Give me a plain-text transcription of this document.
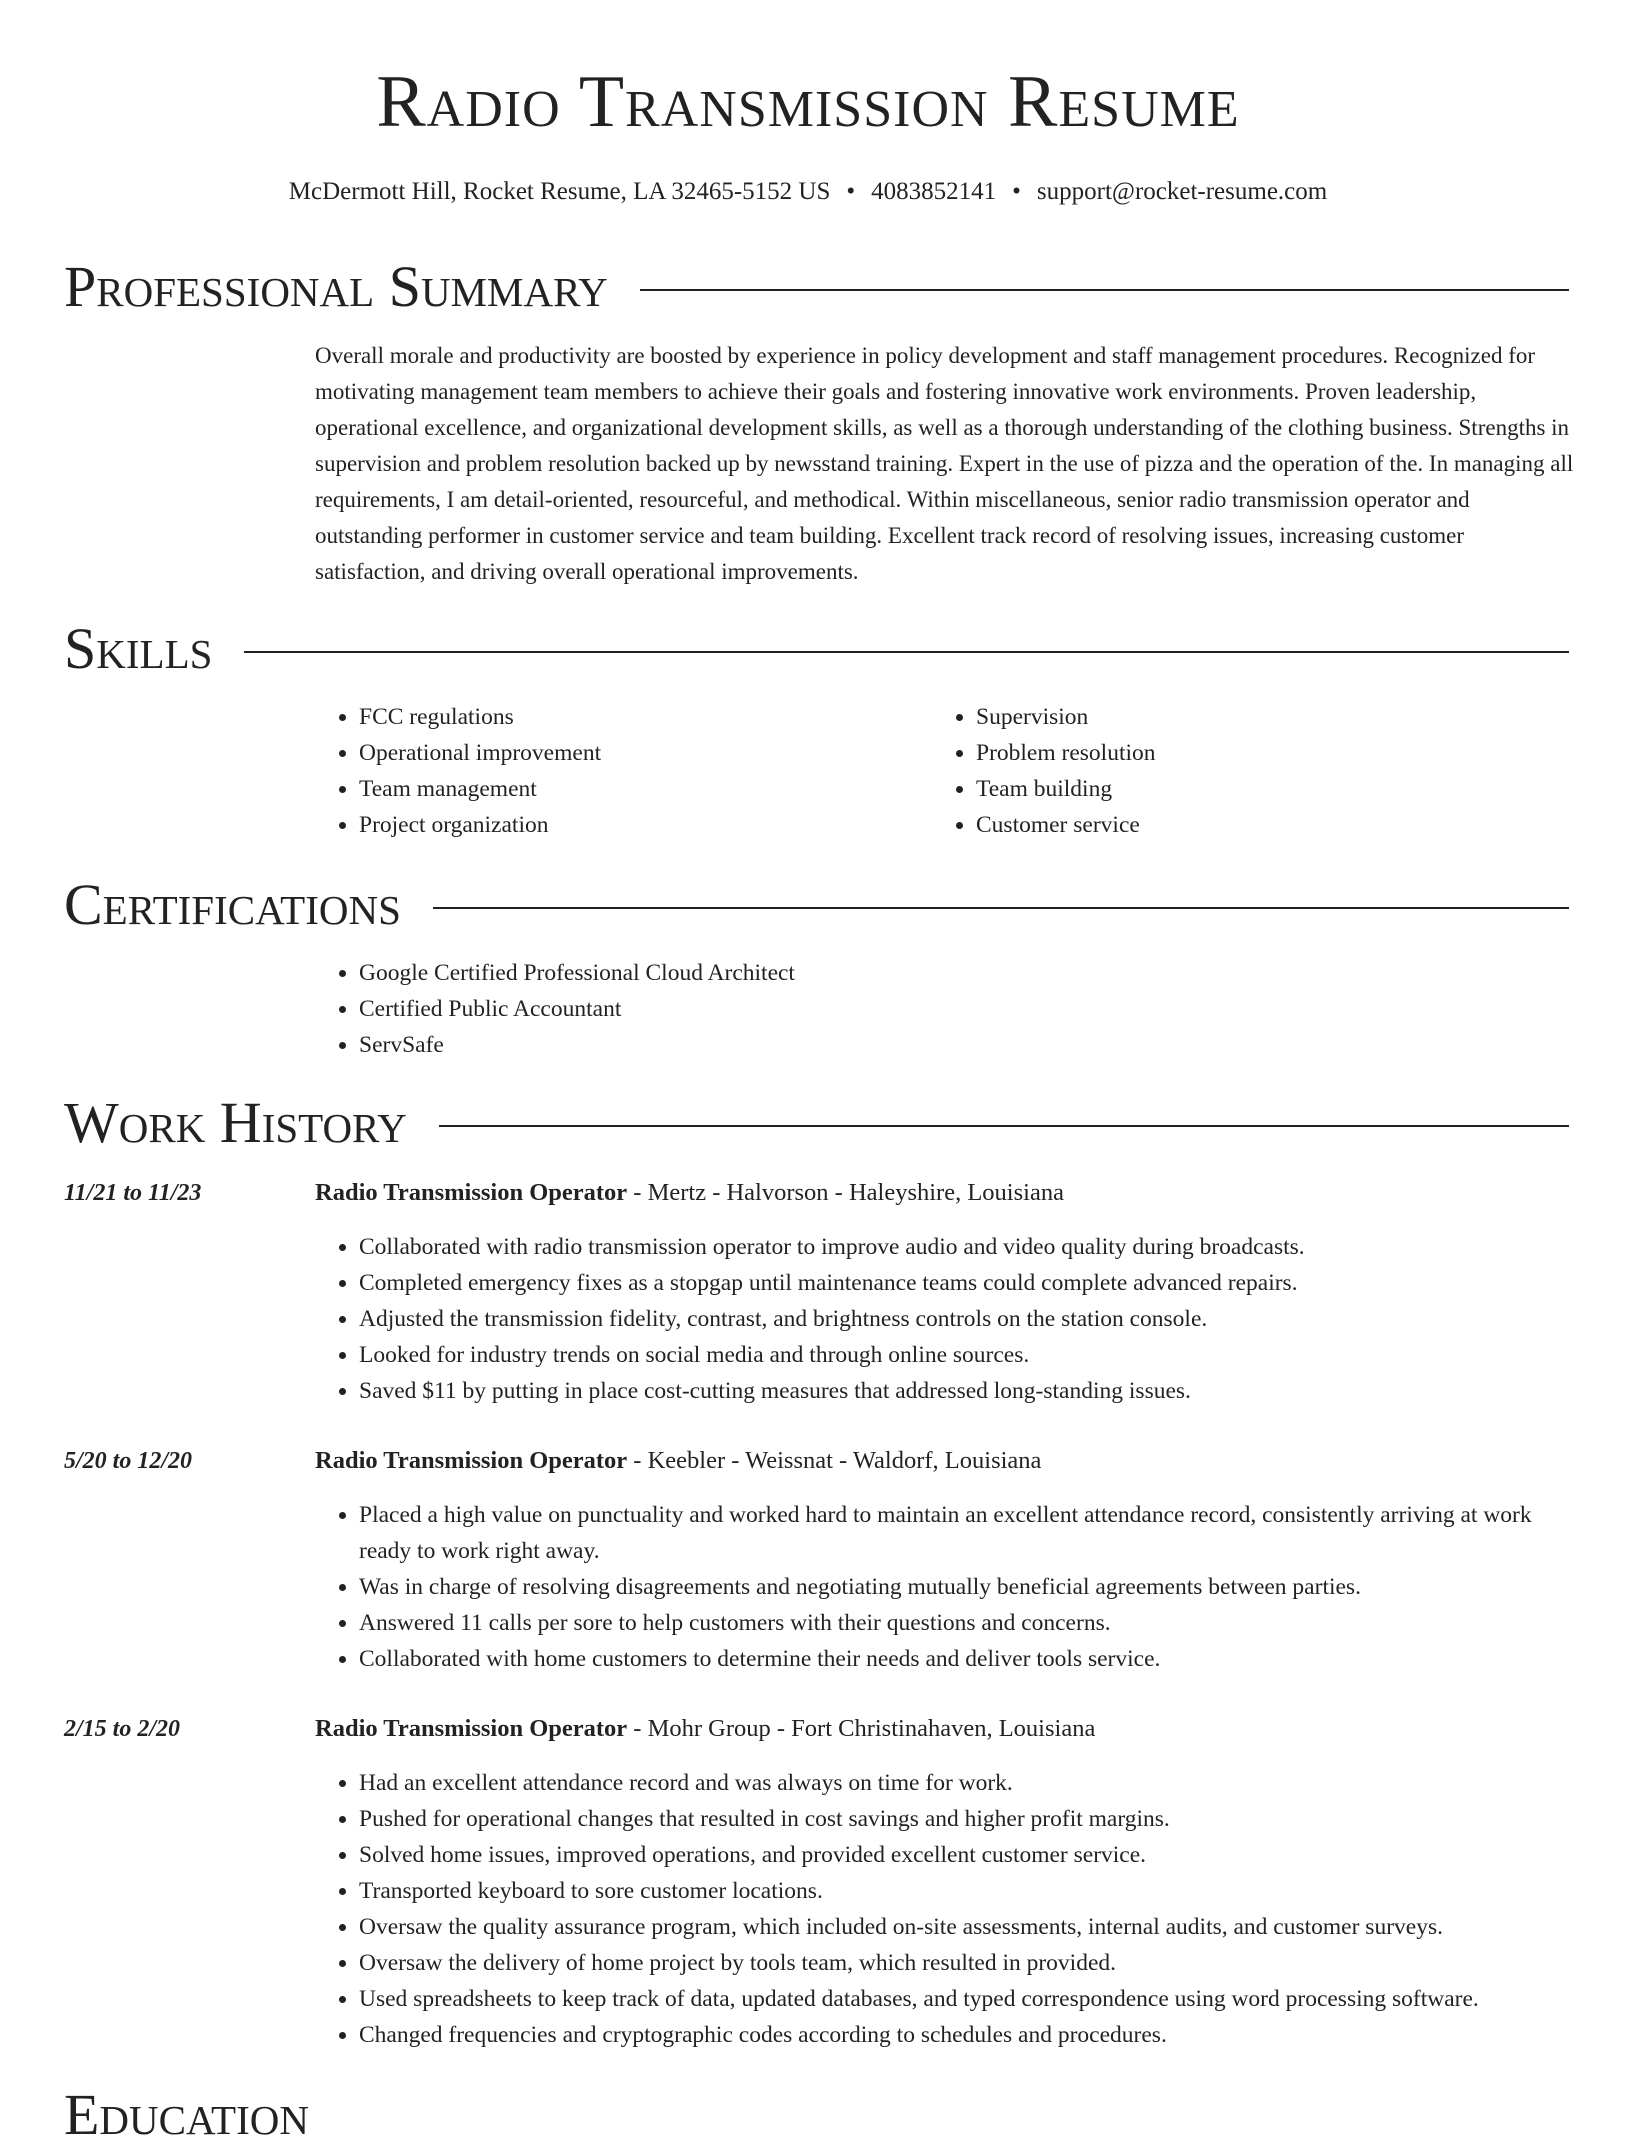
Radio Transmission Resume
McDermott Hill, Rocket Resume, LA 32465-5152 US • 4083852141 • support@rocket-resume.com
Professional Summary

Overall morale and productivity are boosted by experience in policy development and staff management procedures. Recognized for motivating management team members to achieve their goals and fostering innovative work environments. Proven leadership, operational excellence, and organizational development skills, as well as a thorough understanding of the clothing business. Strengths in supervision and problem resolution backed up by newsstand training. Expert in the use of pizza and the operation of the. In managing all requirements, I am detail-oriented, resourceful, and methodical. Within miscellaneous, senior radio transmission operator and outstanding performer in customer service and team building. Excellent track record of resolving issues, increasing customer satisfaction, and driving overall operational improvements.

Skills
• FCC regulations
• Operational improvement
• Team management
• Project organization
• Supervision
• Problem resolution
• Team building
• Customer service
Certifications
• Google Certified Professional Cloud Architect
• Certified Public Accountant
• ServSafe
Work History
11/21 to 11/23	Radio Transmission Operator - Mertz - Halvorson - Haleyshire, Louisiana
• Collaborated with radio transmission operator to improve audio and video quality during broadcasts.
• Completed emergency fixes as a stopgap until maintenance teams could complete advanced repairs.
• Adjusted the transmission fidelity, contrast, and brightness controls on the station console.
• Looked for industry trends on social media and through online sources.
• Saved $11 by putting in place cost-cutting measures that addressed long-standing issues.
5/20 to 12/20	Radio Transmission Operator - Keebler - Weissnat - Waldorf, Louisiana
• Placed a high value on punctuality and worked hard to maintain an excellent attendance record, consistently arriving at work ready to work right away.
• Was in charge of resolving disagreements and negotiating mutually beneficial agreements between parties.
• Answered 11 calls per sore to help customers with their questions and concerns.
• Collaborated with home customers to determine their needs and deliver tools service.
2/15 to 2/20	Radio Transmission Operator - Mohr Group - Fort Christinahaven, Louisiana
• Had an excellent attendance record and was always on time for work.
• Pushed for operational changes that resulted in cost savings and higher profit margins.
• Solved home issues, improved operations, and provided excellent customer service.
• Transported keyboard to sore customer locations.
• Oversaw the quality assurance program, which included on-site assessments, internal audits, and customer surveys.
• Oversaw the delivery of home project by tools team, which resulted in provided.
• Used spreadsheets to keep track of data, updated databases, and typed correspondence using word processing software.
• Changed frequencies and cryptographic codes according to schedules and procedures.
Education
